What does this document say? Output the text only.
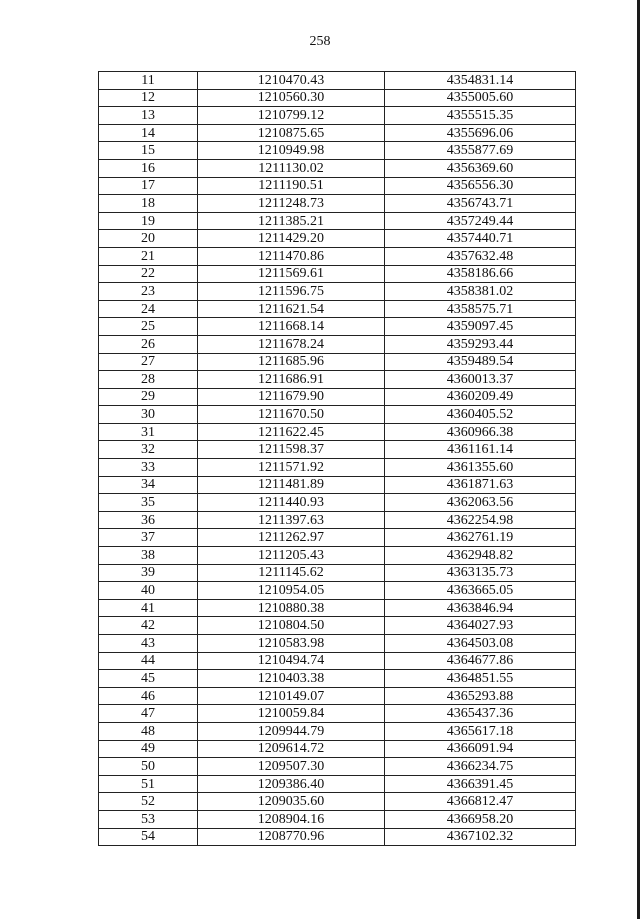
258
11	1210470.43	4354831.14
12	1210560.30	4355005.60
13	1210799.12	4355515.35
14	1210875.65	4355696.06
15	1210949.98	4355877.69
16	1211130.02	4356369.60
17	1211190.51	4356556.30
18	1211248.73	4356743.71
19	1211385.21	4357249.44
20	1211429.20	4357440.71
21	1211470.86	4357632.48
22	1211569.61	4358186.66
23	1211596.75	4358381.02
24	1211621.54	4358575.71
25	1211668.14	4359097.45
26	1211678.24	4359293.44
27	1211685.96	4359489.54
28	1211686.91	4360013.37
29	1211679.90	4360209.49
30	1211670.50	4360405.52
31	1211622.45	4360966.38
32	1211598.37	4361161.14
33	1211571.92	4361355.60
34	1211481.89	4361871.63
35	1211440.93	4362063.56
36	1211397.63	4362254.98
37	1211262.97	4362761.19
38	1211205.43	4362948.82
39	1211145.62	4363135.73
40	1210954.05	4363665.05
41	1210880.38	4363846.94
42	1210804.50	4364027.93
43	1210583.98	4364503.08
44	1210494.74	4364677.86
45	1210403.38	4364851.55
46	1210149.07	4365293.88
47	1210059.84	4365437.36
48	1209944.79	4365617.18
49	1209614.72	4366091.94
50	1209507.30	4366234.75
51	1209386.40	4366391.45
52	1209035.60	4366812.47
53	1208904.16	4366958.20
54	1208770.96	4367102.32
